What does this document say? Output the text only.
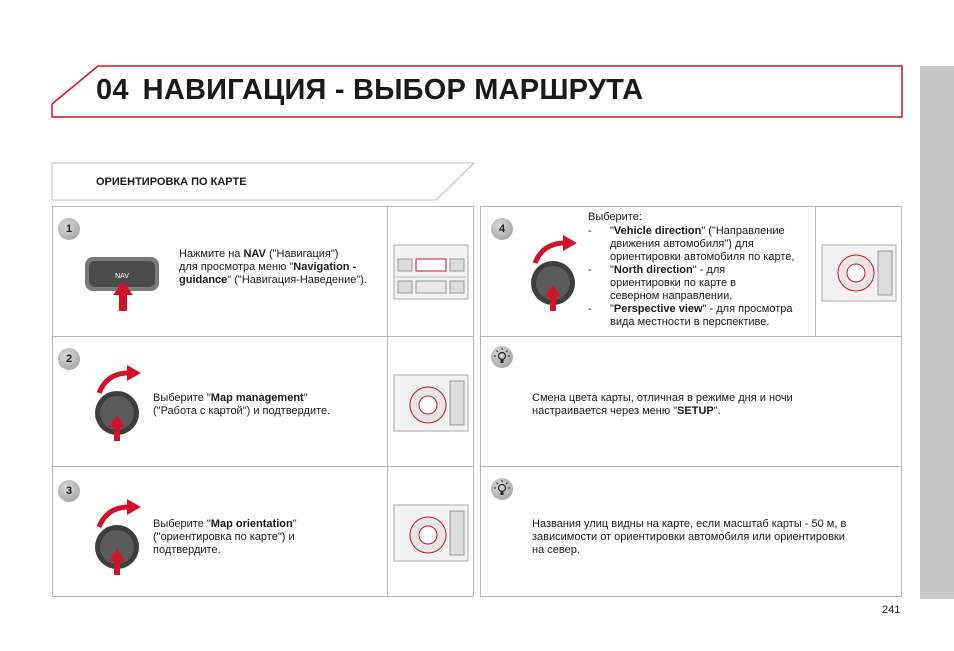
04 НАВИГАЦИЯ - ВЫБОР МАРШРУТА
ОРИЕНТИРОВКА ПО КАРТЕ
1
NAV
Нажмите на NAV ("Навигация")
для просмотра меню "Navigation -
guidance" ("Навигация-Наведение").
2
Выберите "Map management"
("Работа с картой") и подтвердите.
3
Выберите "Map orientation"
("ориентировка по карте") и
подтвердите.
4
Выберите:
-	"Vehicle direction" ("Направление
движения автомобиля") для
ориентировки автомобиля по карте,
-	"North direction" - для
ориентировки по карте в
северном направлении,
-	"Perspective view" - для просмотра
вида местности в перспективе.
Смена цвета карты, отличная в режиме дня и ночи
настраивается через меню "SETUP".
Названия улиц видны на карте, если масштаб карты - 50 м, в
зависимости от ориентировки автомобиля или ориентировки
на север.
241
